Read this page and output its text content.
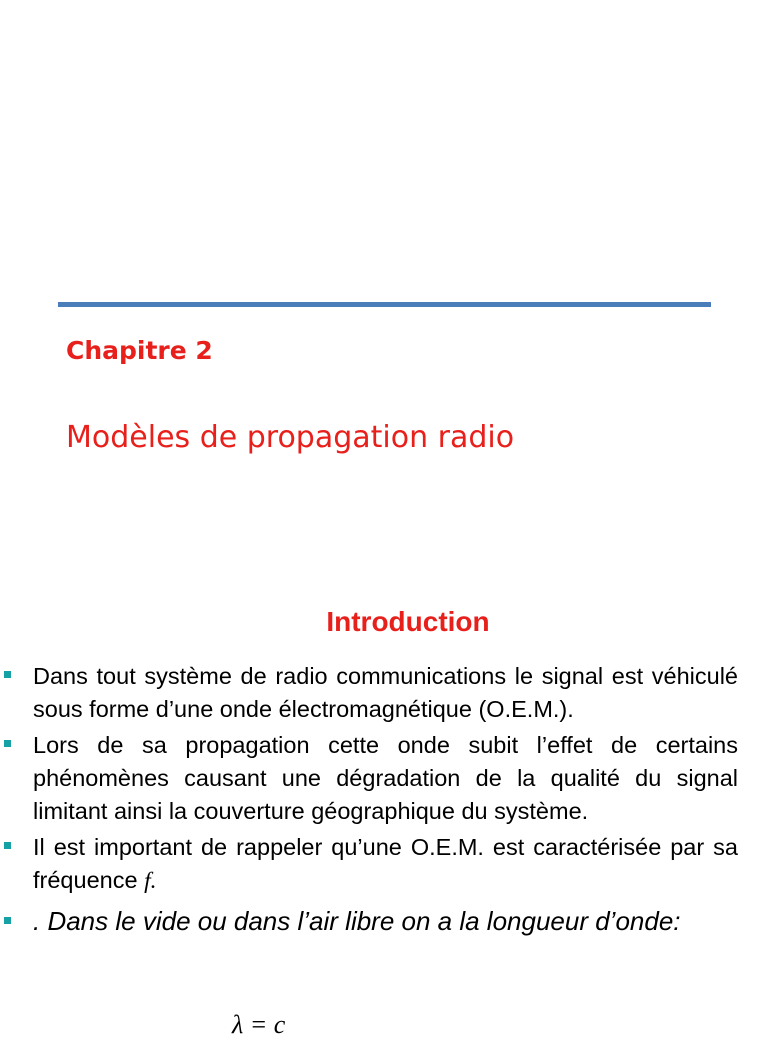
Chapitre 2
Modèles de propagation radio
Introduction
Dans tout système de radio communications le signal est véhiculé sous forme d’une onde électromagnétique (O.E.M.).
Lors de sa propagation cette onde subit l’effet de certains phénomènes causant une dégradation de la qualité du signal limitant ainsi la couverture géographique du système.
Il est important de rappeler qu’une O.E.M. est caractérisée par sa fréquence f.
. Dans le vide ou dans l’air libre on a la longueur d’onde:
λ = c
